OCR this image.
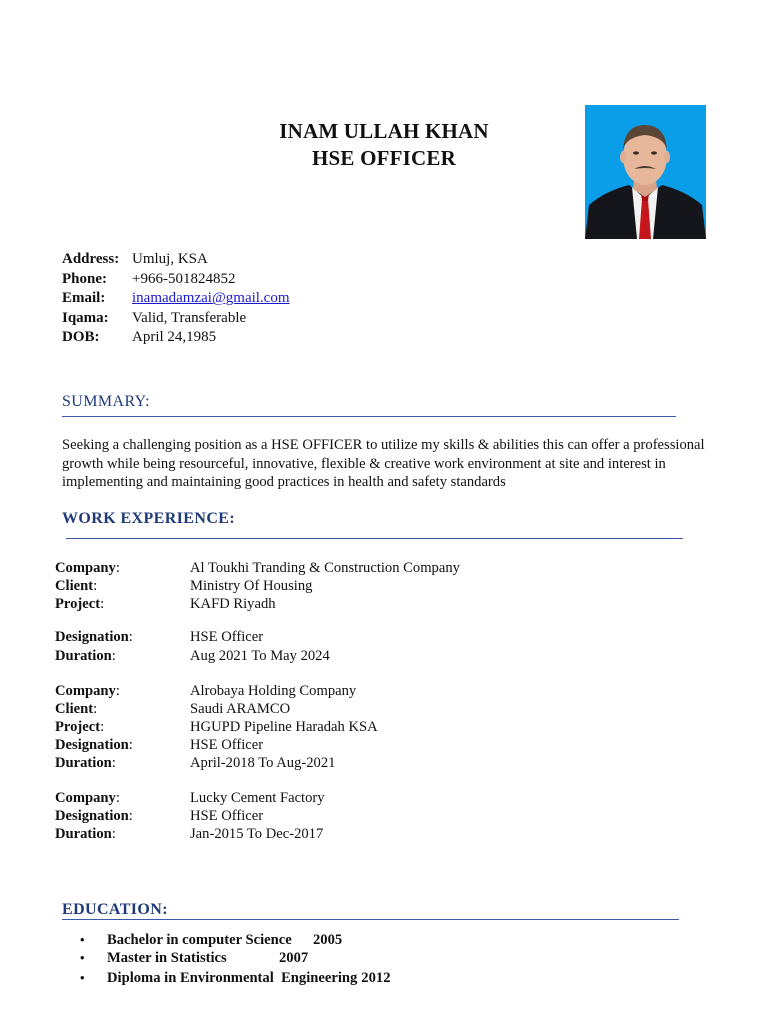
INAM ULLAH KHAN
HSE OFFICER
Address: Umluj, KSA
Phone:	+966-501824852
Email:	inamadamzai@gmail.com
Iqama:	Valid, Transferable
DOB:	April 24,1985
SUMMARY:
Seeking a challenging position as a HSE OFFICER to utilize my skills & abilities this can offer a professional growth while being resourceful, innovative, flexible & creative work environment at site and interest in implementing and maintaining good practices in health and safety standards
WORK EXPERIENCE:
Company:	Al Toukhi Tranding & Construction Company
Client:	Ministry Of Housing
Project:	KAFD Riyadh
Designation:	HSE Officer
Duration:	Aug 2021 To May 2024
Company:	Alrobaya Holding Company
Client:	Saudi ARAMCO
Project:	HGUPD Pipeline Haradah KSA
Designation:	HSE Officer
Duration:	April-2018 To Aug-2021
Company:	Lucky Cement Factory
Designation:	HSE Officer
Duration:	Jan-2015 To Dec-2017
EDUCATION:
•	Bachelor in computer Science	2005
•	Master in Statistics	2007
•	Diploma in Environmental  Engineering 2012
